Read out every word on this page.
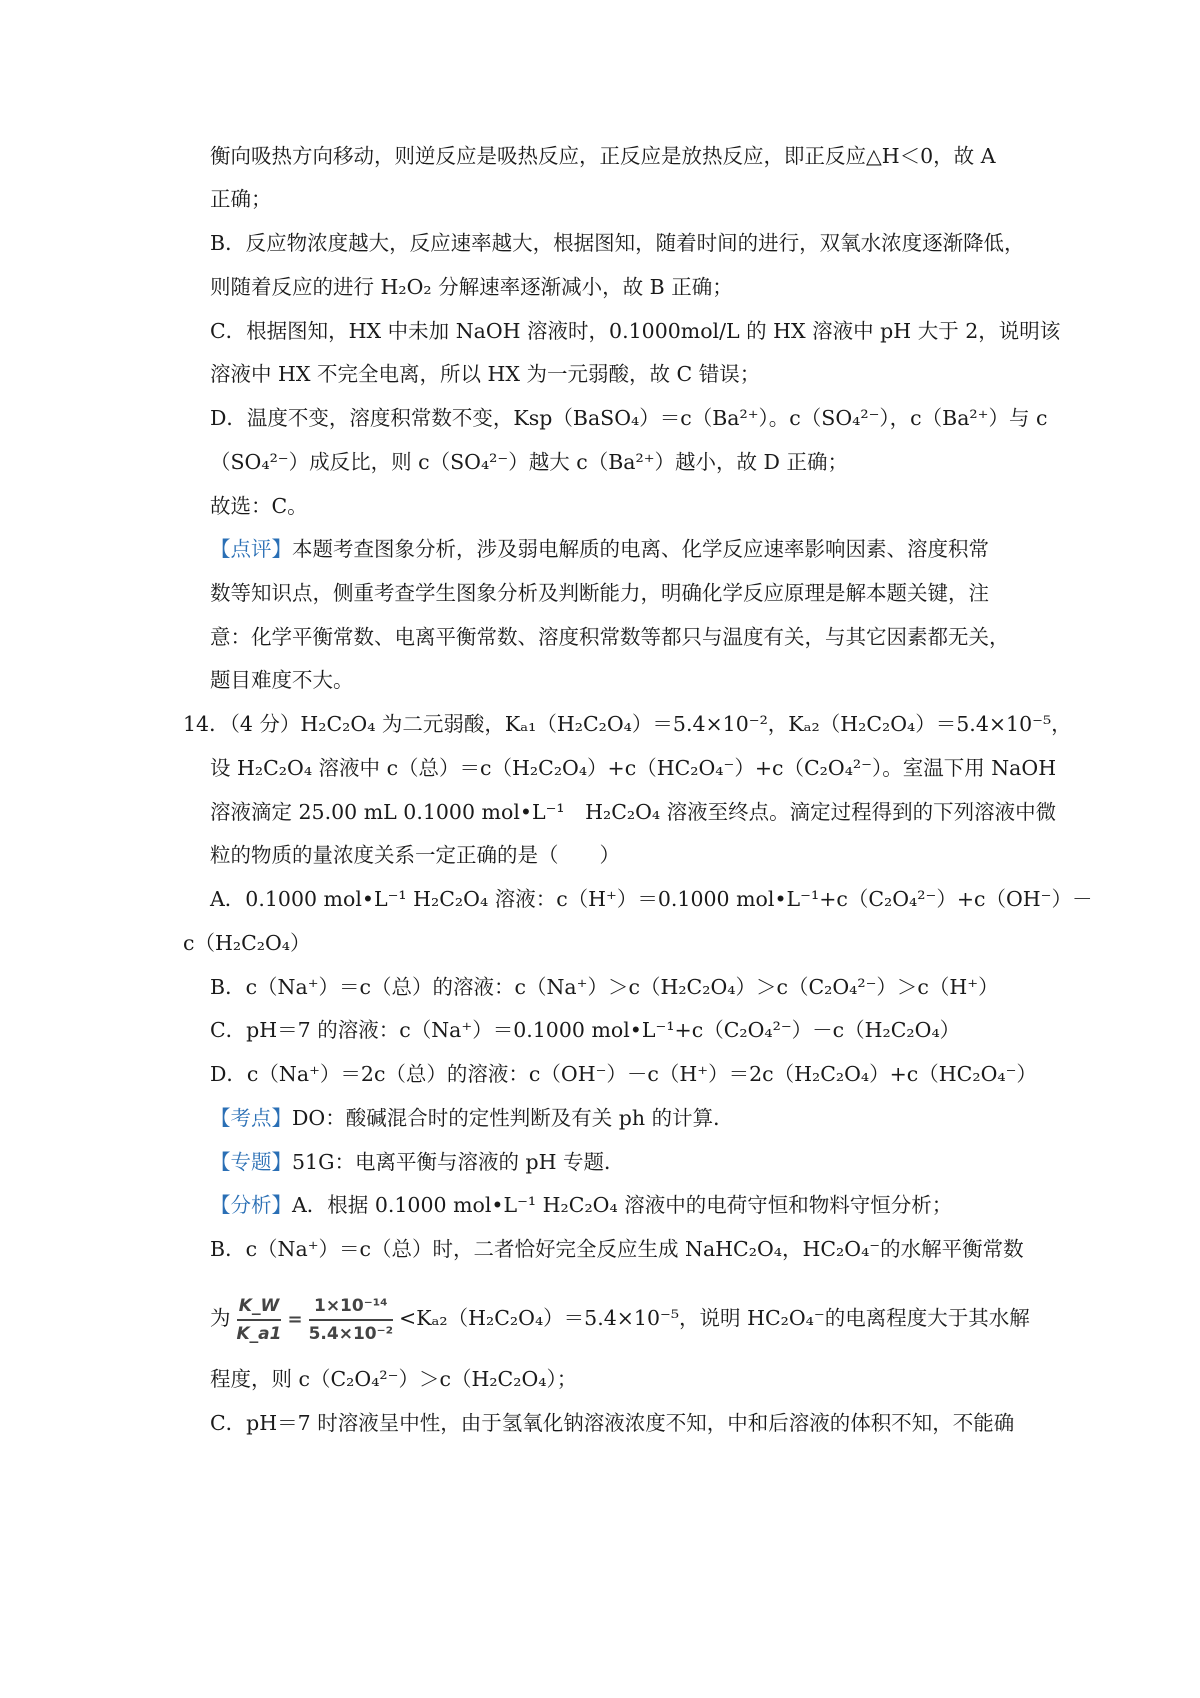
衡向吸热方向移动，则逆反应是吸热反应，正反应是放热反应，即正反应△H＜0，故 A
正确；
B．反应物浓度越大，反应速率越大，根据图知，随着时间的进行，双氧水浓度逐渐降低，
则随着反应的进行 H₂O₂ 分解速率逐渐减小，故 B 正确；
C．根据图知，HX 中未加 NaOH 溶液时，0.1000mol/L 的 HX 溶液中 pH 大于 2，说明该
溶液中 HX 不完全电离，所以 HX 为一元弱酸，故 C 错误；
D．温度不变，溶度积常数不变，Ksp（BaSO₄）＝c（Ba²⁺）。c（SO₄²⁻），c（Ba²⁺）与 c
（SO₄²⁻）成反比，则 c（SO₄²⁻）越大 c（Ba²⁺）越小，故 D 正确；
故选：C。
【点评】本题考查图象分析，涉及弱电解质的电离、化学反应速率影响因素、溶度积常
数等知识点，侧重考查学生图象分析及判断能力，明确化学反应原理是解本题关键，注
意：化学平衡常数、电离平衡常数、溶度积常数等都只与温度有关，与其它因素都无关，
题目难度不大。
14．（4 分）H₂C₂O₄ 为二元弱酸，Kₐ₁（H₂C₂O₄）＝5.4×10⁻²，Kₐ₂（H₂C₂O₄）＝5.4×10⁻⁵，
设 H₂C₂O₄ 溶液中 c（总）＝c（H₂C₂O₄）+c（HC₂O₄⁻）+c（C₂O₄²⁻）。室温下用 NaOH
溶液滴定 25.00 mL 0.1000 mol•L⁻¹　H₂C₂O₄ 溶液至终点。滴定过程得到的下列溶液中微
粒的物质的量浓度关系一定正确的是（　　）
A．0.1000 mol•L⁻¹ H₂C₂O₄ 溶液：c（H⁺）＝0.1000 mol•L⁻¹+c（C₂O₄²⁻）+c（OH⁻）－
c（H₂C₂O₄）
B．c（Na⁺）＝c（总）的溶液：c（Na⁺）＞c（H₂C₂O₄）＞c（C₂O₄²⁻）＞c（H⁺）
C．pH＝7 的溶液：c（Na⁺）＝0.1000 mol•L⁻¹+c（C₂O₄²⁻）－c（H₂C₂O₄）
D．c（Na⁺）＝2c（总）的溶液：c（OH⁻）－c（H⁺）＝2c（H₂C₂O₄）+c（HC₂O₄⁻）
【考点】DO：酸碱混合时的定性判断及有关 ph 的计算．
【专题】51G：电离平衡与溶液的 pH 专题．
【分析】A．根据 0.1000 mol•L⁻¹ H₂C₂O₄ 溶液中的电荷守恒和物料守恒分析；
B．c（Na⁺）＝c（总）时，二者恰好完全反应生成 NaHC₂O₄，HC₂O₄⁻的水解平衡常数
为 $\frac{K\_W}{K\_a1} = \frac{\text{1×10⁻¹⁴}}{\text{5.4×10⁻²}} <K_{a2}(H_2C_2O_4)=5.4\times 10^{-5}$，说明 HC₂O₄⁻的电离程度大于其水解
程度，则 c（C₂O₄²⁻）＞c（H₂C₂O₄）；
C．pH＝7 时溶液呈中性，由于氢氧化钠溶液浓度不知，中和后溶液的体积不知，不能确
